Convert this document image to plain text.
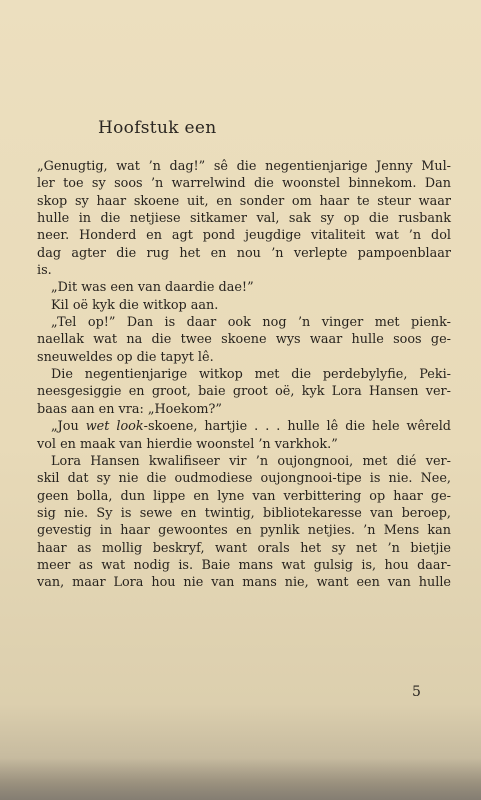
Hoofstuk een
„Genugtig, wat ’n dag!” sê die negentienjarige Jenny Mul-
ler toe sy soos ’n warrelwind die woonstel binnekom. Dan
skop sy haar skoene uit, en sonder om haar te steur waar
hulle in die netjiese sitkamer val, sak sy op die rusbank
neer. Honderd en agt pond jeugdige vitaliteit wat ’n dol
dag agter die rug het en nou ’n verlepte pampoenblaar
is.
„Dit was een van daardie dae!”
Kil oë kyk die witkop aan.
„Tel op!” Dan is daar ook nog ’n vinger met pienk-
naellak wat na die twee skoene wys waar hulle soos ge-
sneuweldes op die tapyt lê.
Die negentienjarige witkop met die perdebylyfie, Peki-
neesgesiggie en groot, baie groot oë, kyk Lora Hansen ver-
baas aan en vra: „Hoekom?”
„Jou wet look-skoene, hartjie . . . hulle lê die hele wêreld
vol en maak van hierdie woonstel ’n varkhok.”
Lora Hansen kwalifiseer vir ’n oujongnooi, met dié ver-
skil dat sy nie die oudmodiese oujongnooi-tipe is nie. Nee,
geen bolla, dun lippe en lyne van verbittering op haar ge-
sig nie. Sy is sewe en twintig, bibliotekaresse van beroep,
gevestig in haar gewoontes en pynlik netjies. ’n Mens kan
haar as mollig beskryf, want orals het sy net ’n bietjie
meer as wat nodig is. Baie mans wat gulsig is, hou daar-
van, maar Lora hou nie van mans nie, want een van hulle
5
